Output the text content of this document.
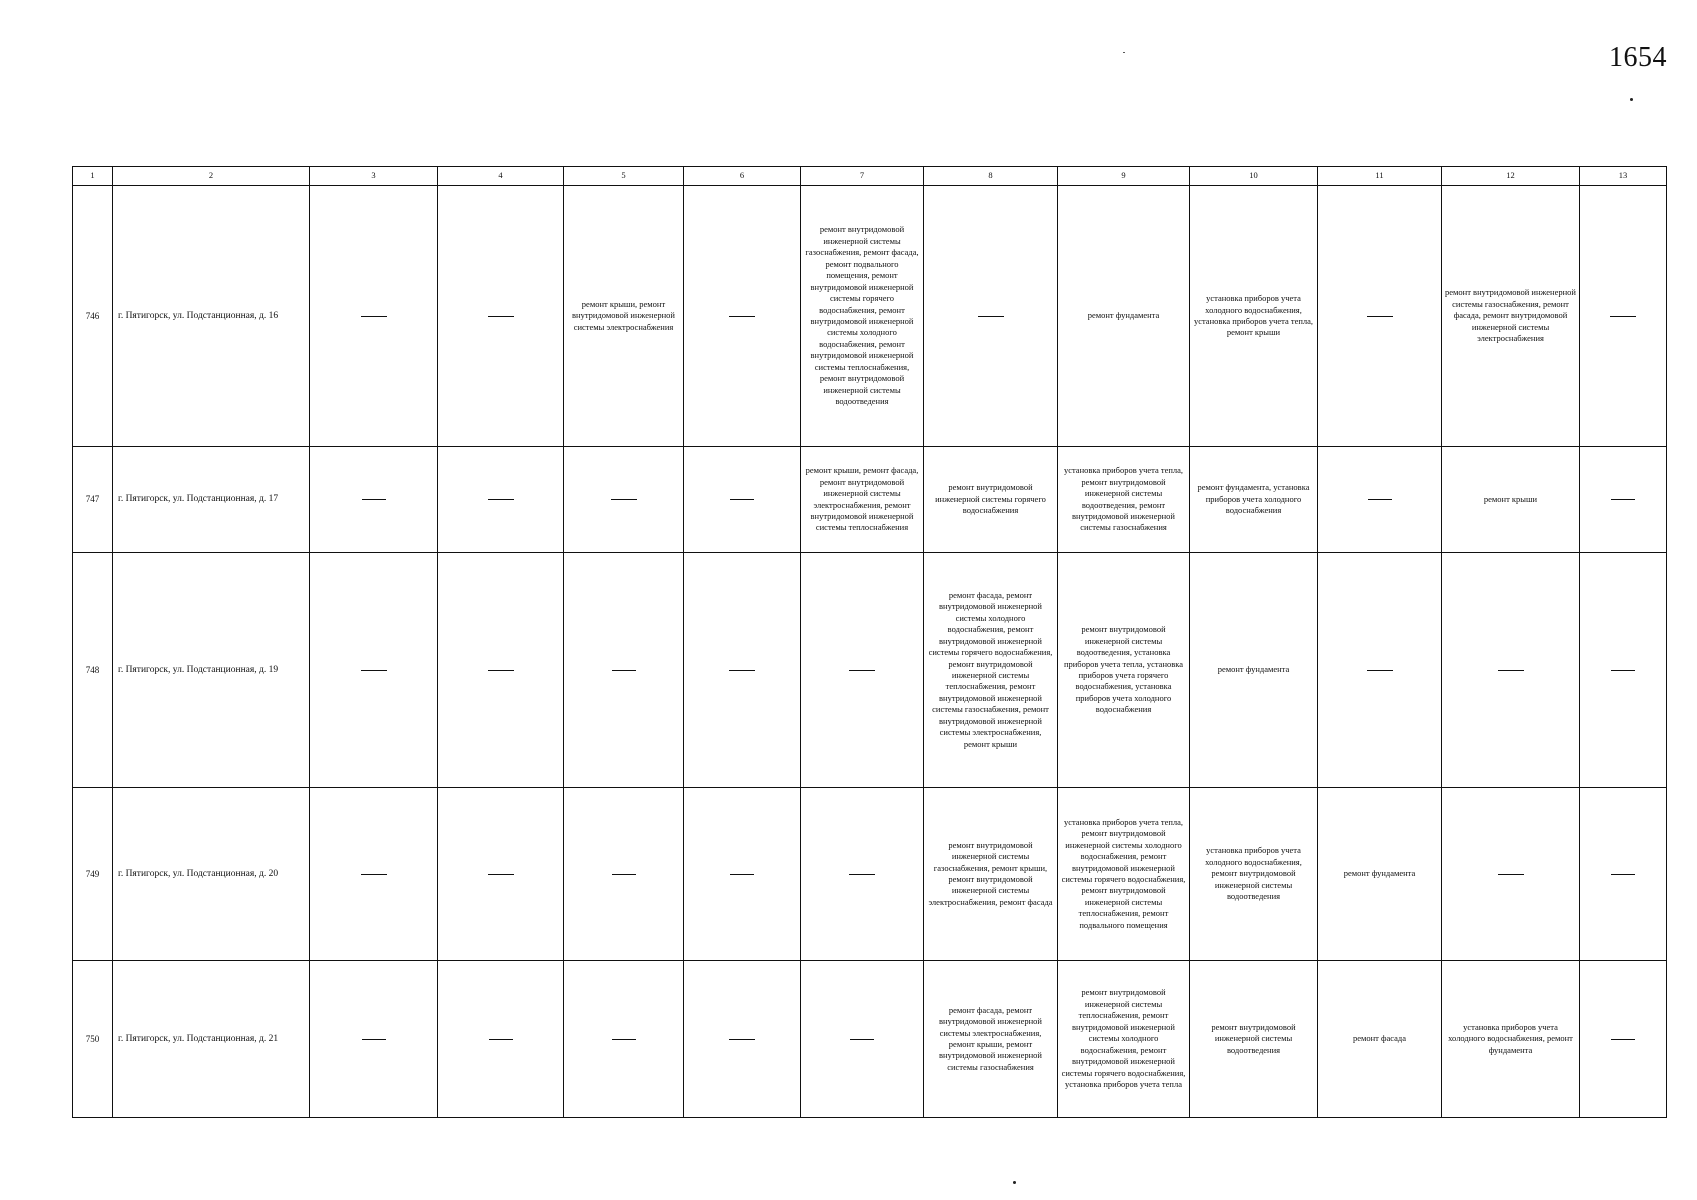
1654
1	2	3	4	5	6	7	8	9	10	11	12	13
746	г. Пятигорск, ул. Подстанционная, д. 16			ремонт крыши, ремонт внутридомовой инженерной системы электроснабжения		ремонт внутридомовой инженерной системы газоснабжения, ремонт фасада, ремонт подвального помещения, ремонт внутридомовой инженерной системы горячего водоснабжения, ремонт внутридомовой инженерной системы холодного водоснабжения, ремонт внутридомовой инженерной системы теплоснабжения, ремонт внутридомовой инженерной системы водоотведения		ремонт фундамента	установка приборов учета холодного водоснабжения, установка приборов учета тепла, ремонт крыши		ремонт внутридомовой инженерной системы газоснабжения, ремонт фасада, ремонт внутридомовой инженерной системы электроснабжения	
747	г. Пятигорск, ул. Подстанционная, д. 17					ремонт крыши, ремонт фасада, ремонт внутридомовой инженерной системы электроснабжения, ремонт внутридомовой инженерной системы теплоснабжения	ремонт внутридомовой инженерной системы горячего водоснабжения	установка приборов учета тепла, ремонт внутридомовой инженерной системы водоотведения, ремонт внутридомовой инженерной системы газоснабжения	ремонт фундамента, установка приборов учета холодного водоснабжения		ремонт крыши	
748	г. Пятигорск, ул. Подстанционная, д. 19						ремонт фасада, ремонт внутридомовой инженерной системы холодного водоснабжения, ремонт внутридомовой инженерной системы горячего водоснабжения, ремонт внутридомовой инженерной системы теплоснабжения, ремонт внутридомовой инженерной системы газоснабжения, ремонт внутридомовой инженерной системы электроснабжения, ремонт крыши	ремонт внутридомовой инженерной системы водоотведения, установка приборов учета тепла, установка приборов учета горячего водоснабжения, установка приборов учета холодного водоснабжения	ремонт фундамента			
749	г. Пятигорск, ул. Подстанционная, д. 20						ремонт внутридомовой инженерной системы газоснабжения, ремонт крыши, ремонт внутридомовой инженерной системы электроснабжения, ремонт фасада	установка приборов учета тепла, ремонт внутридомовой инженерной системы холодного водоснабжения, ремонт внутридомовой инженерной системы горячего водоснабжения, ремонт внутридомовой инженерной системы теплоснабжения, ремонт подвального помещения	установка приборов учета холодного водоснабжения, ремонт внутридомовой инженерной системы водоотведения	ремонт фундамента		
750	г. Пятигорск, ул. Подстанционная, д. 21						ремонт фасада, ремонт внутридомовой инженерной системы электроснабжения, ремонт крыши, ремонт внутридомовой инженерной системы газоснабжения	ремонт внутридомовой инженерной системы теплоснабжения, ремонт внутридомовой инженерной системы холодного водоснабжения, ремонт внутридомовой инженерной системы горячего водоснабжения, установка приборов учета тепла	ремонт внутридомовой инженерной системы водоотведения	ремонт фасада	установка приборов учета холодного водоснабжения, ремонт фундамента	
